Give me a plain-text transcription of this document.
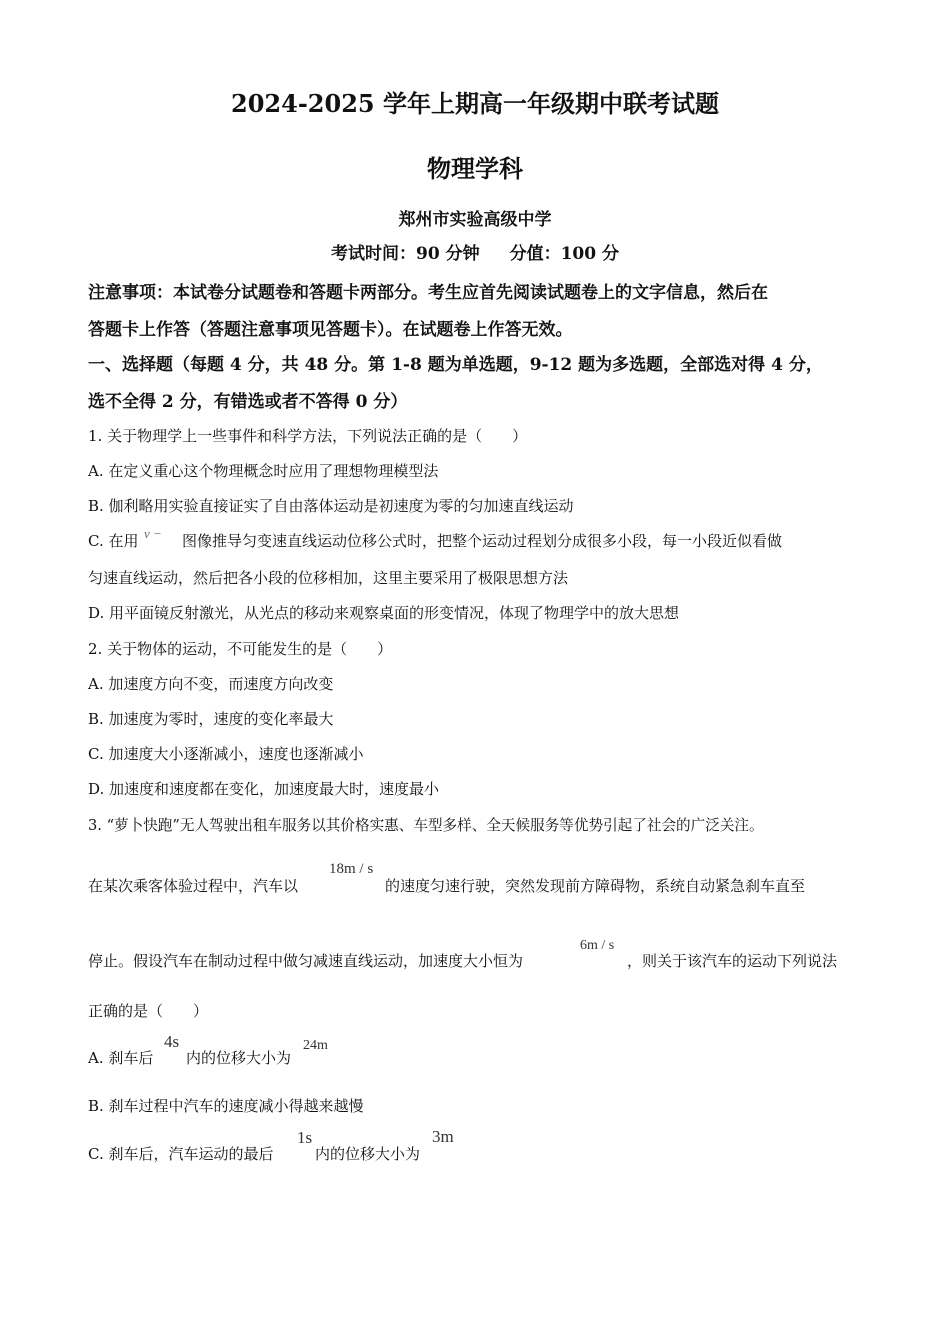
2024-2025 学年上期高一年级期中联考试题
物理学科
郑州市实验高级中学
考试时间：90 分钟 分值：100 分
注意事项：本试卷分试题卷和答题卡两部分。考生应首先阅读试题卷上的文字信息，然后在
答题卡上作答（答题注意事项见答题卡）。在试题卷上作答无效。
一、选择题（每题 4 分，共 48 分。第 1-8 题为单选题，9-12 题为多选题，全部选对得 4 分，
选不全得 2 分，有错选或者不答得 0 分）
1. 关于物理学上一些事件和科学方法，下列说法正确的是（　　）
A. 在定义重心这个物理概念时应用了理想物理模型法
B. 伽利略用实验直接证实了自由落体运动是初速度为零的匀加速直线运动
C. 在用 v − 图像推导匀变速直线运动位移公式时，把整个运动过程划分成很多小段，每一小段近似看做
匀速直线运动，然后把各小段的位移相加，这里主要采用了极限思想方法
D. 用平面镜反射激光，从光点的移动来观察桌面的形变情况，体现了物理学中的放大思想
2. 关于物体的运动，不可能发生的是（　　）
A. 加速度方向不变，而速度方向改变
B. 加速度为零时，速度的变化率最大
C. 加速度大小逐渐减小，速度也逐渐减小
D. 加速度和速度都在变化，加速度最大时，速度最小
3. “萝卜快跑”无人驾驶出租车服务以其价格实惠、车型多样、全天候服务等优势引起了社会的广泛关注。
在某次乘客体验过程中，汽车以
18m / s
的速度匀速行驶，突然发现前方障碍物，系统自动紧急刹车直至
停止。假设汽车在制动过程中做匀减速直线运动，加速度大小恒为
6m / s
，则关于该汽车的运动下列说法
正确的是（　　）
A. 刹车后
4s
内的位移大小为
24m
B. 刹车过程中汽车的速度减小得越来越慢
C. 刹车后，汽车运动的最后
1s
内的位移大小为
3m
